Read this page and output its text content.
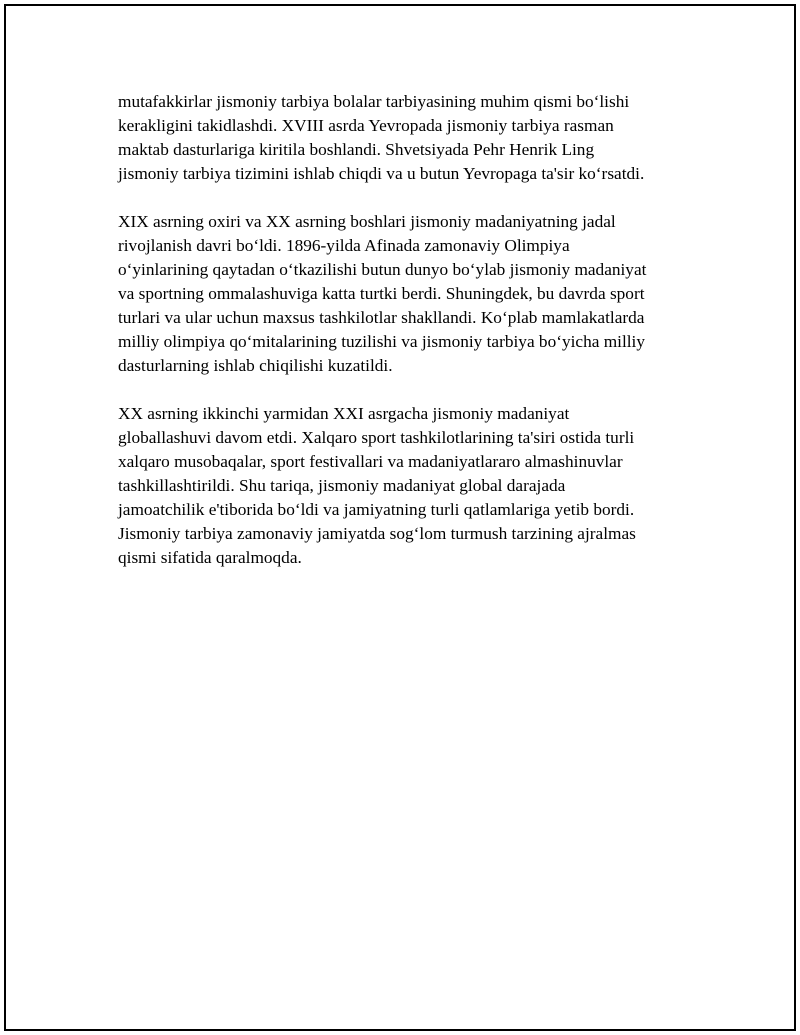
mutafakkirlar jismoniy tarbiya bolalar tarbiyasining muhim qismi bo‘lishi
kerakligini takidlashdi. XVIII asrda Yevropada jismoniy tarbiya rasman
maktab dasturlariga kiritila boshlandi. Shvetsiyada Pehr Henrik Ling
jismoniy tarbiya tizimini ishlab chiqdi va u butun Yevropaga ta'sir ko‘rsatdi.

XIX asrning oxiri va XX asrning boshlari jismoniy madaniyatning jadal
rivojlanish davri bo‘ldi. 1896-yilda Afinada zamonaviy Olimpiya
o‘yinlarining qaytadan o‘tkazilishi butun dunyo bo‘ylab jismoniy madaniyat
va sportning ommalashuviga katta turtki berdi. Shuningdek, bu davrda sport
turlari va ular uchun maxsus tashkilotlar shakllandi. Ko‘plab mamlakatlarda
milliy olimpiya qo‘mitalarining tuzilishi va jismoniy tarbiya bo‘yicha milliy
dasturlarning ishlab chiqilishi kuzatildi.

XX asrning ikkinchi yarmidan XXI asrgacha jismoniy madaniyat
globallashuvi davom etdi. Xalqaro sport tashkilotlarining ta'siri ostida turli
xalqaro musobaqalar, sport festivallari va madaniyatlararo almashinuvlar
tashkillashtirildi. Shu tariqa, jismoniy madaniyat global darajada
jamoatchilik e'tiborida bo‘ldi va jamiyatning turli qatlamlariga yetib bordi.
Jismoniy tarbiya zamonaviy jamiyatda sog‘lom turmush tarzining ajralmas
qismi sifatida qaralmoqda.
